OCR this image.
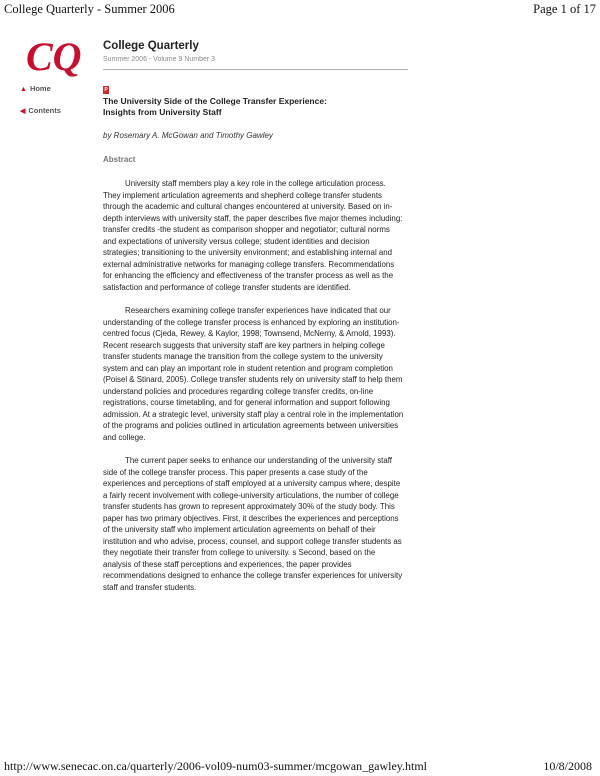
College Quarterly - Summer 2006	Page 1 of 17
CQ College Quarterly
Summer 2006 - Volume 9 Number 3
▲ Home
◀ Contents
P
The University Side of the College Transfer Experience:
Insights from University Staff
by Rosemary A. McGowan and Timothy Gawley
Abstract

University staff members play a key role in the college articulation process. They implement articulation agreements and shepherd college transfer students through the academic and cultural changes encountered at university. Based on in-depth interviews with university staff, the paper describes five major themes including: transfer credits -the student as comparison shopper and negotiator; cultural norms and expectations of university versus college; student identities and decision strategies; transitioning to the university environment; and establishing internal and external administrative networks for managing college transfers. Recommendations for enhancing the efficiency and effectiveness of the transfer process as well as the satisfaction and performance of college transfer students are identified.

Researchers examining college transfer experiences have indicated that our understanding of the college transfer process is enhanced by exploring an institution-centred focus (Cjeda, Rewey, & Kaylor, 1998; Townsend, McNerny, & Arnold, 1993). Recent research suggests that university staff are key partners in helping college transfer students manage the transition from the college system to the university system and can play an important role in student retention and program completion (Poisel & Stinard, 2005). College transfer students rely on university staff to help them understand policies and procedures regarding college transfer credits, on-line registrations, course timetabling, and for general information and support following admission. At a strategic level, university staff play a central role in the implementation of the programs and policies outlined in articulation agreements between universities and college.

The current paper seeks to enhance our understanding of the university staff side of the college transfer process. This paper presents a case study of the experiences and perceptions of staff employed at a university campus where, despite a fairly recent involvement with college-university articulations, the number of college transfer students has grown to represent approximately 30% of the study body. This paper has two primary objectives. First, it describes the experiences and perceptions of the university staff who implement articulation agreements on behalf of their institution and who advise, process, counsel, and support college transfer students as they negotiate their transfer from college to university. s Second, based on the analysis of these staff perceptions and experiences, the paper provides recommendations designed to enhance the college transfer experiences for university staff and transfer students.

http://www.senecac.on.ca/quarterly/2006-vol09-num03-summer/mcgowan_gawley.html	10/8/2008
